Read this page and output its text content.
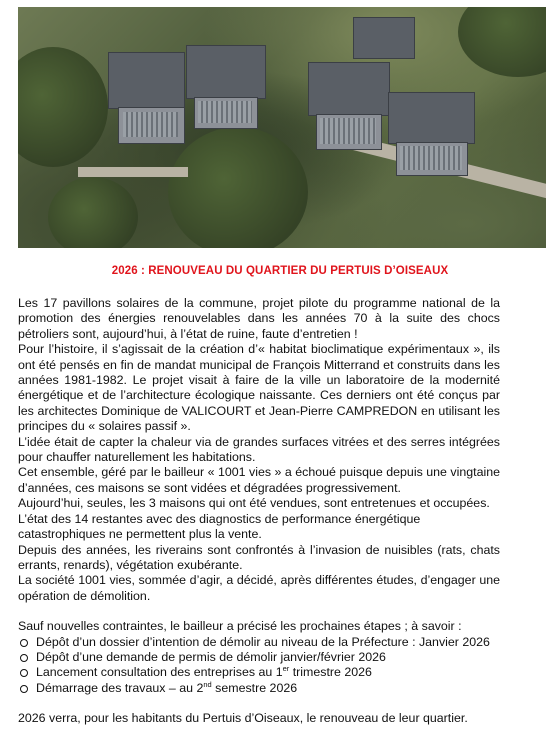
2026 : RENOUVEAU DU QUARTIER DU PERTUIS D’OISEAUX

Les 17 pavillons solaires de la commune, projet pilote du programme national de la promotion des énergies renouvelables dans les années 70 à la suite des chocs pétroliers sont, aujourd’hui, à l’état de ruine, faute d’entretien !

Pour l’histoire, il s’agissait de la création d’« habitat bioclimatique expérimentaux », ils ont été pensés en fin de mandat municipal de François Mitterrand et construits dans les années 1981-1982. Le projet visait à faire de la ville un laboratoire de la modernité énergétique et de l’architecture écologique naissante. Ces derniers ont été conçus par les architectes Dominique de VALICOURT et Jean-Pierre CAMPREDON en utilisant les principes du « solaires passif ».

L’idée était de capter la chaleur via de grandes surfaces vitrées et des serres intégrées pour chauffer naturellement les habitations.

Cet ensemble, géré par le bailleur « 1001 vies » a échoué puisque depuis une vingtaine d’années, ces maisons se sont vidées et dégradées progressivement.

Aujourd’hui, seules, les 3 maisons qui ont été vendues, sont entretenues et occupées.

L’état des 14 restantes avec des diagnostics de performance énergétique catastrophiques ne permettent plus la vente.

Depuis des années, les riverains sont confrontés à l’invasion de nuisibles (rats, chats errants, renards), végétation exubérante.

La société 1001 vies, sommée d’agir, a décidé, après différentes études, d’engager une opération de démolition.

Sauf nouvelles contraintes, le bailleur a précisé les prochaines étapes ; à savoir :

Dépôt d’un dossier d’intention de démolir au niveau de la Préfecture : Janvier 2026
Dépôt d’une demande de permis de démolir janvier/février 2026
Lancement consultation des entreprises au 1er trimestre 2026
Démarrage des travaux – au 2nd semestre 2026

2026 verra, pour les habitants du Pertuis d’Oiseaux, le renouveau de leur quartier.
